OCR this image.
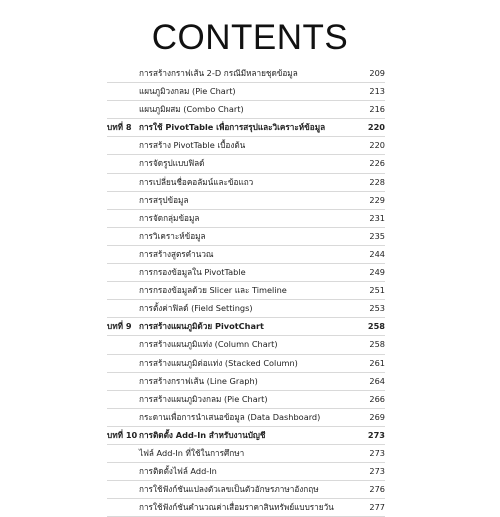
CONTENTS
การสร้างกราฟเส้น 2-D กรณีมีหลายชุดข้อมูล	209
แผนภูมิวงกลม (Pie Chart)	213
แผนภูมิผสม (Combo Chart)	216
บทที่ 8 การใช้ PivotTable เพื่อการสรุปและวิเคราะห์ข้อมูล	220
การสร้าง PivotTable เบื้องต้น	220
การจัดรูปแบบฟิลด์	226
การเปลี่ยนชื่อคอลัมน์และข้อแถว	228
การสรุปข้อมูล	229
การจัดกลุ่มข้อมูล	231
การวิเคราะห์ข้อมูล	235
การสร้างสูตรคำนวณ	244
การกรองข้อมูลใน PivotTable	249
การกรองข้อมูลด้วย Slicer และ Timeline	251
การตั้งค่าฟิลด์ (Field Settings)	253
บทที่ 9 การสร้างแผนภูมิด้วย PivotChart	258
การสร้างแผนภูมิแท่ง (Column Chart)	258
การสร้างแผนภูมิต่อแท่ง (Stacked Column)	261
การสร้างกราฟเส้น (Line Graph)	264
การสร้างแผนภูมิวงกลม (Pie Chart)	266
กระดานเพื่อการนำเสนอข้อมูล (Data Dashboard)	269
บทที่ 10 การติดตั้ง Add-In สำหรับงานบัญชี	273
ไฟล์ Add-In ที่ใช้ในการศึกษา	273
การติดตั้งไฟล์ Add-In	273
การใช้ฟังก์ชันแปลงตัวเลขเป็นตัวอักษรภาษาอังกฤษ	276
การใช้ฟังก์ชันคำนวณค่าเสื่อมราคาสินทรัพย์แบบรายวัน	277
